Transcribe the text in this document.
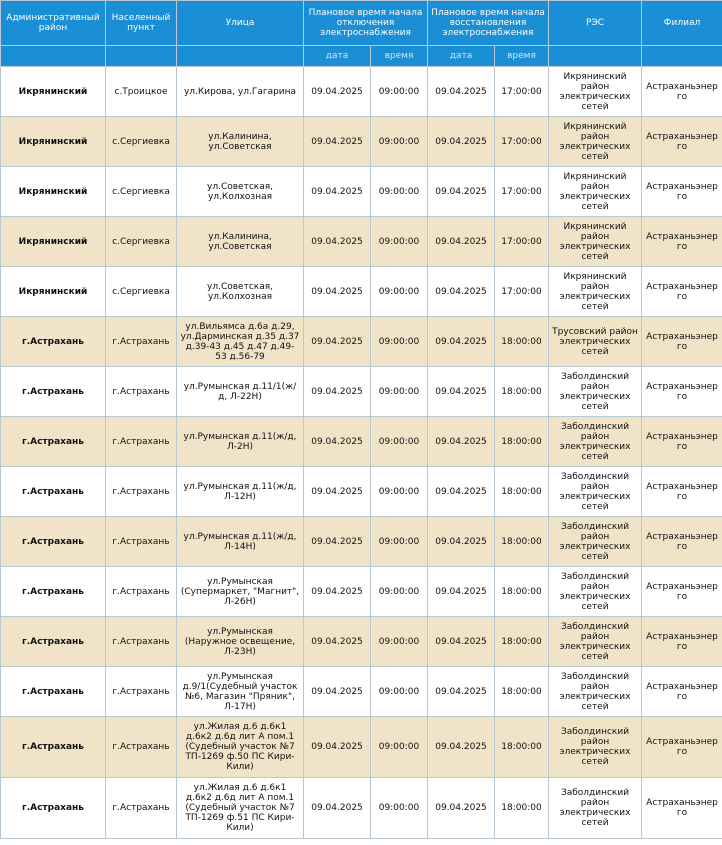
Административный район	Населенный пункт	Улица	Плановое время начала отключения электроснабжения		Плановое время начала восстановления электроснабжения		РЭС	Филиал
			дата	время	дата	время		
Икрянинский	с.Троицкое	ул.Кирова, ул.Гагарина	09.04.2025	09:00:00	09.04.2025	17:00:00	Икрянинский район электрических сетей	Астраханьэнерго
Икрянинский	с.Сергиевка	ул.Калинина, ул.Советская	09.04.2025	09:00:00	09.04.2025	17:00:00	Икрянинский район электрических сетей	Астраханьэнерго
Икрянинский	с.Сергиевка	ул.Советская, ул.Колхозная	09.04.2025	09:00:00	09.04.2025	17:00:00	Икрянинский район электрических сетей	Астраханьэнерго
Икрянинский	с.Сергиевка	ул.Калинина, ул.Советская	09.04.2025	09:00:00	09.04.2025	17:00:00	Икрянинский район электрических сетей	Астраханьэнерго
Икрянинский	с.Сергиевка	ул.Советская, ул.Колхозная	09.04.2025	09:00:00	09.04.2025	17:00:00	Икрянинский район электрических сетей	Астраханьэнерго
г.Астрахань	г.Астрахань	ул.Вильямса д.6а д.29, ул.Дарминская д.35 д.37 д.39-43 д.45 д.47 д.49-53 д.56-79	09.04.2025	09:00:00	09.04.2025	18:00:00	Трусовский район электрических сетей	Астраханьэнерго
г.Астрахань	г.Астрахань	ул.Румынская д.11/1(ж/д, Л-22Н)	09.04.2025	09:00:00	09.04.2025	18:00:00	Заболдинский район электрических сетей	Астраханьэнерго
г.Астрахань	г.Астрахань	ул.Румынская д.11(ж/д, Л-2Н)	09.04.2025	09:00:00	09.04.2025	18:00:00	Заболдинский район электрических сетей	Астраханьэнерго
г.Астрахань	г.Астрахань	ул.Румынская д.11(ж/д, Л-12Н)	09.04.2025	09:00:00	09.04.2025	18:00:00	Заболдинский район электрических сетей	Астраханьэнерго
г.Астрахань	г.Астрахань	ул.Румынская д.11(ж/д, Л-14Н)	09.04.2025	09:00:00	09.04.2025	18:00:00	Заболдинский район электрических сетей	Астраханьэнерго
г.Астрахань	г.Астрахань	ул.Румынская (Супермаркет, "Магнит", Л-26Н)	09.04.2025	09:00:00	09.04.2025	18:00:00	Заболдинский район электрических сетей	Астраханьэнерго
г.Астрахань	г.Астрахань	ул.Румынская (Наружное освещение, Л-23Н)	09.04.2025	09:00:00	09.04.2025	18:00:00	Заболдинский район электрических сетей	Астраханьэнерго
г.Астрахань	г.Астрахань	ул.Румынская д.9/1(Судебный участок №6, Магазин "Пряник", Л-17Н)	09.04.2025	09:00:00	09.04.2025	18:00:00	Заболдинский район электрических сетей	Астраханьэнерго
г.Астрахань	г.Астрахань	ул.Жилая д.6 д.6к1 д.6к2 д.6д лит А пом.1 (Судебный участок №7 ТП-1269 ф.50 ПС Кири-Кили)	09.04.2025	09:00:00	09.04.2025	18:00:00	Заболдинский район электрических сетей	Астраханьэнерго
г.Астрахань	г.Астрахань	ул.Жилая д.6 д.6к1 д.6к2 д.6д лит А пом.1 (Судебный участок №7 ТП-1269 ф.51 ПС Кири-Кили)	09.04.2025	09:00:00	09.04.2025	18:00:00	Заболдинский район электрических сетей	Астраханьэнерго
